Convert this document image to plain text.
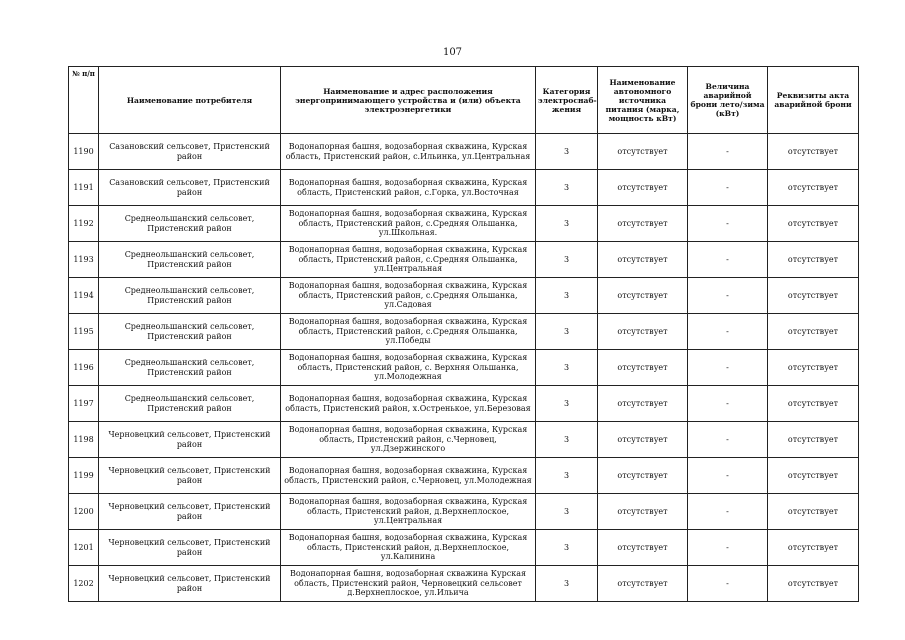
107
№ п/п	Наименование потребителя	Наименование и адрес расположения энергопринимающего устройства и (или) объекта электроэнергетики	Категория электроснаб-жения	Наименование автономного источника питания (марка, мощность кВт)	Величина аварийной брони лето/зима (кВт)	Реквизиты акта аварийной брони
1190	Сазановский сельсовет, Пристенский район	Водонапорная башня, водозаборная скважина, Курская область, Пристенский район, с.Ильинка, ул.Центральная	3	отсутствует	-	отсутствует
1191	Сазановский сельсовет, Пристенский район	Водонапорная башня, водозаборная скважина, Курская область, Пристенский район, с.Горка, ул.Восточная	3	отсутствует	-	отсутствует
1192	Среднеольшанский сельсовет, Пристенский район	Водонапорная башня, водозаборная скважина, Курская область, Пристенский район, с.Средняя Ольшанка, ул.Школьная.	3	отсутствует	-	отсутствует
1193	Среднеольшанский сельсовет, Пристенский район	Водонапорная башня, водозаборная скважина, Курская область, Пристенский район, с.Средняя Ольшанка, ул.Центральная	3	отсутствует	-	отсутствует
1194	Среднеольшанский сельсовет, Пристенский район	Водонапорная башня, водозаборная скважина, Курская область, Пристенский район, с.Средняя Ольшанка, ул.Садовая	3	отсутствует	-	отсутствует
1195	Среднеольшанский сельсовет, Пристенский район	Водонапорная башня, водозаборная скважина, Курская область, Пристенский район, с.Средняя Ольшанка, ул.Победы	3	отсутствует	-	отсутствует
1196	Среднеольшанский сельсовет, Пристенский район	Водонапорная башня, водозаборная скважина, Курская область, Пристенский район, с. Верхняя Ольшанка, ул.Молодежная	3	отсутствует	-	отсутствует
1197	Среднеольшанский сельсовет, Пристенский район	Водонапорная башня, водозаборная скважина, Курская область, Пристенский район, х.Остренькое, ул.Березовая	3	отсутствует	-	отсутствует
1198	Черновецкий сельсовет, Пристенский район	Водонапорная башня, водозаборная скважина, Курская область, Пристенский район, с.Черновец, ул.Дзержинского	3	отсутствует	-	отсутствует
1199	Черновецкий сельсовет, Пристенский район	Водонапорная башня, водозаборная скважина, Курская область, Пристенский район, с.Черновец, ул.Молодежная	3	отсутствует	-	отсутствует
1200	Черновецкий сельсовет, Пристенский район	Водонапорная башня, водозаборная скважина, Курская область, Пристенский район, д.Верхнеплоское, ул.Центральная	3	отсутствует	-	отсутствует
1201	Черновецкий сельсовет, Пристенский район	Водонапорная башня, водозаборная скважина, Курская область, Пристенский район, д.Верхнеплоское, ул.Калинина	3	отсутствует	-	отсутствует
1202	Черновецкий сельсовет, Пристенский район	Водонапорная башня, водозаборная скважина Курская область, Пристенский район, Черновецкий сельсовет д.Верхнеплоское, ул.Ильича	3	отсутствует	-	отсутствует
